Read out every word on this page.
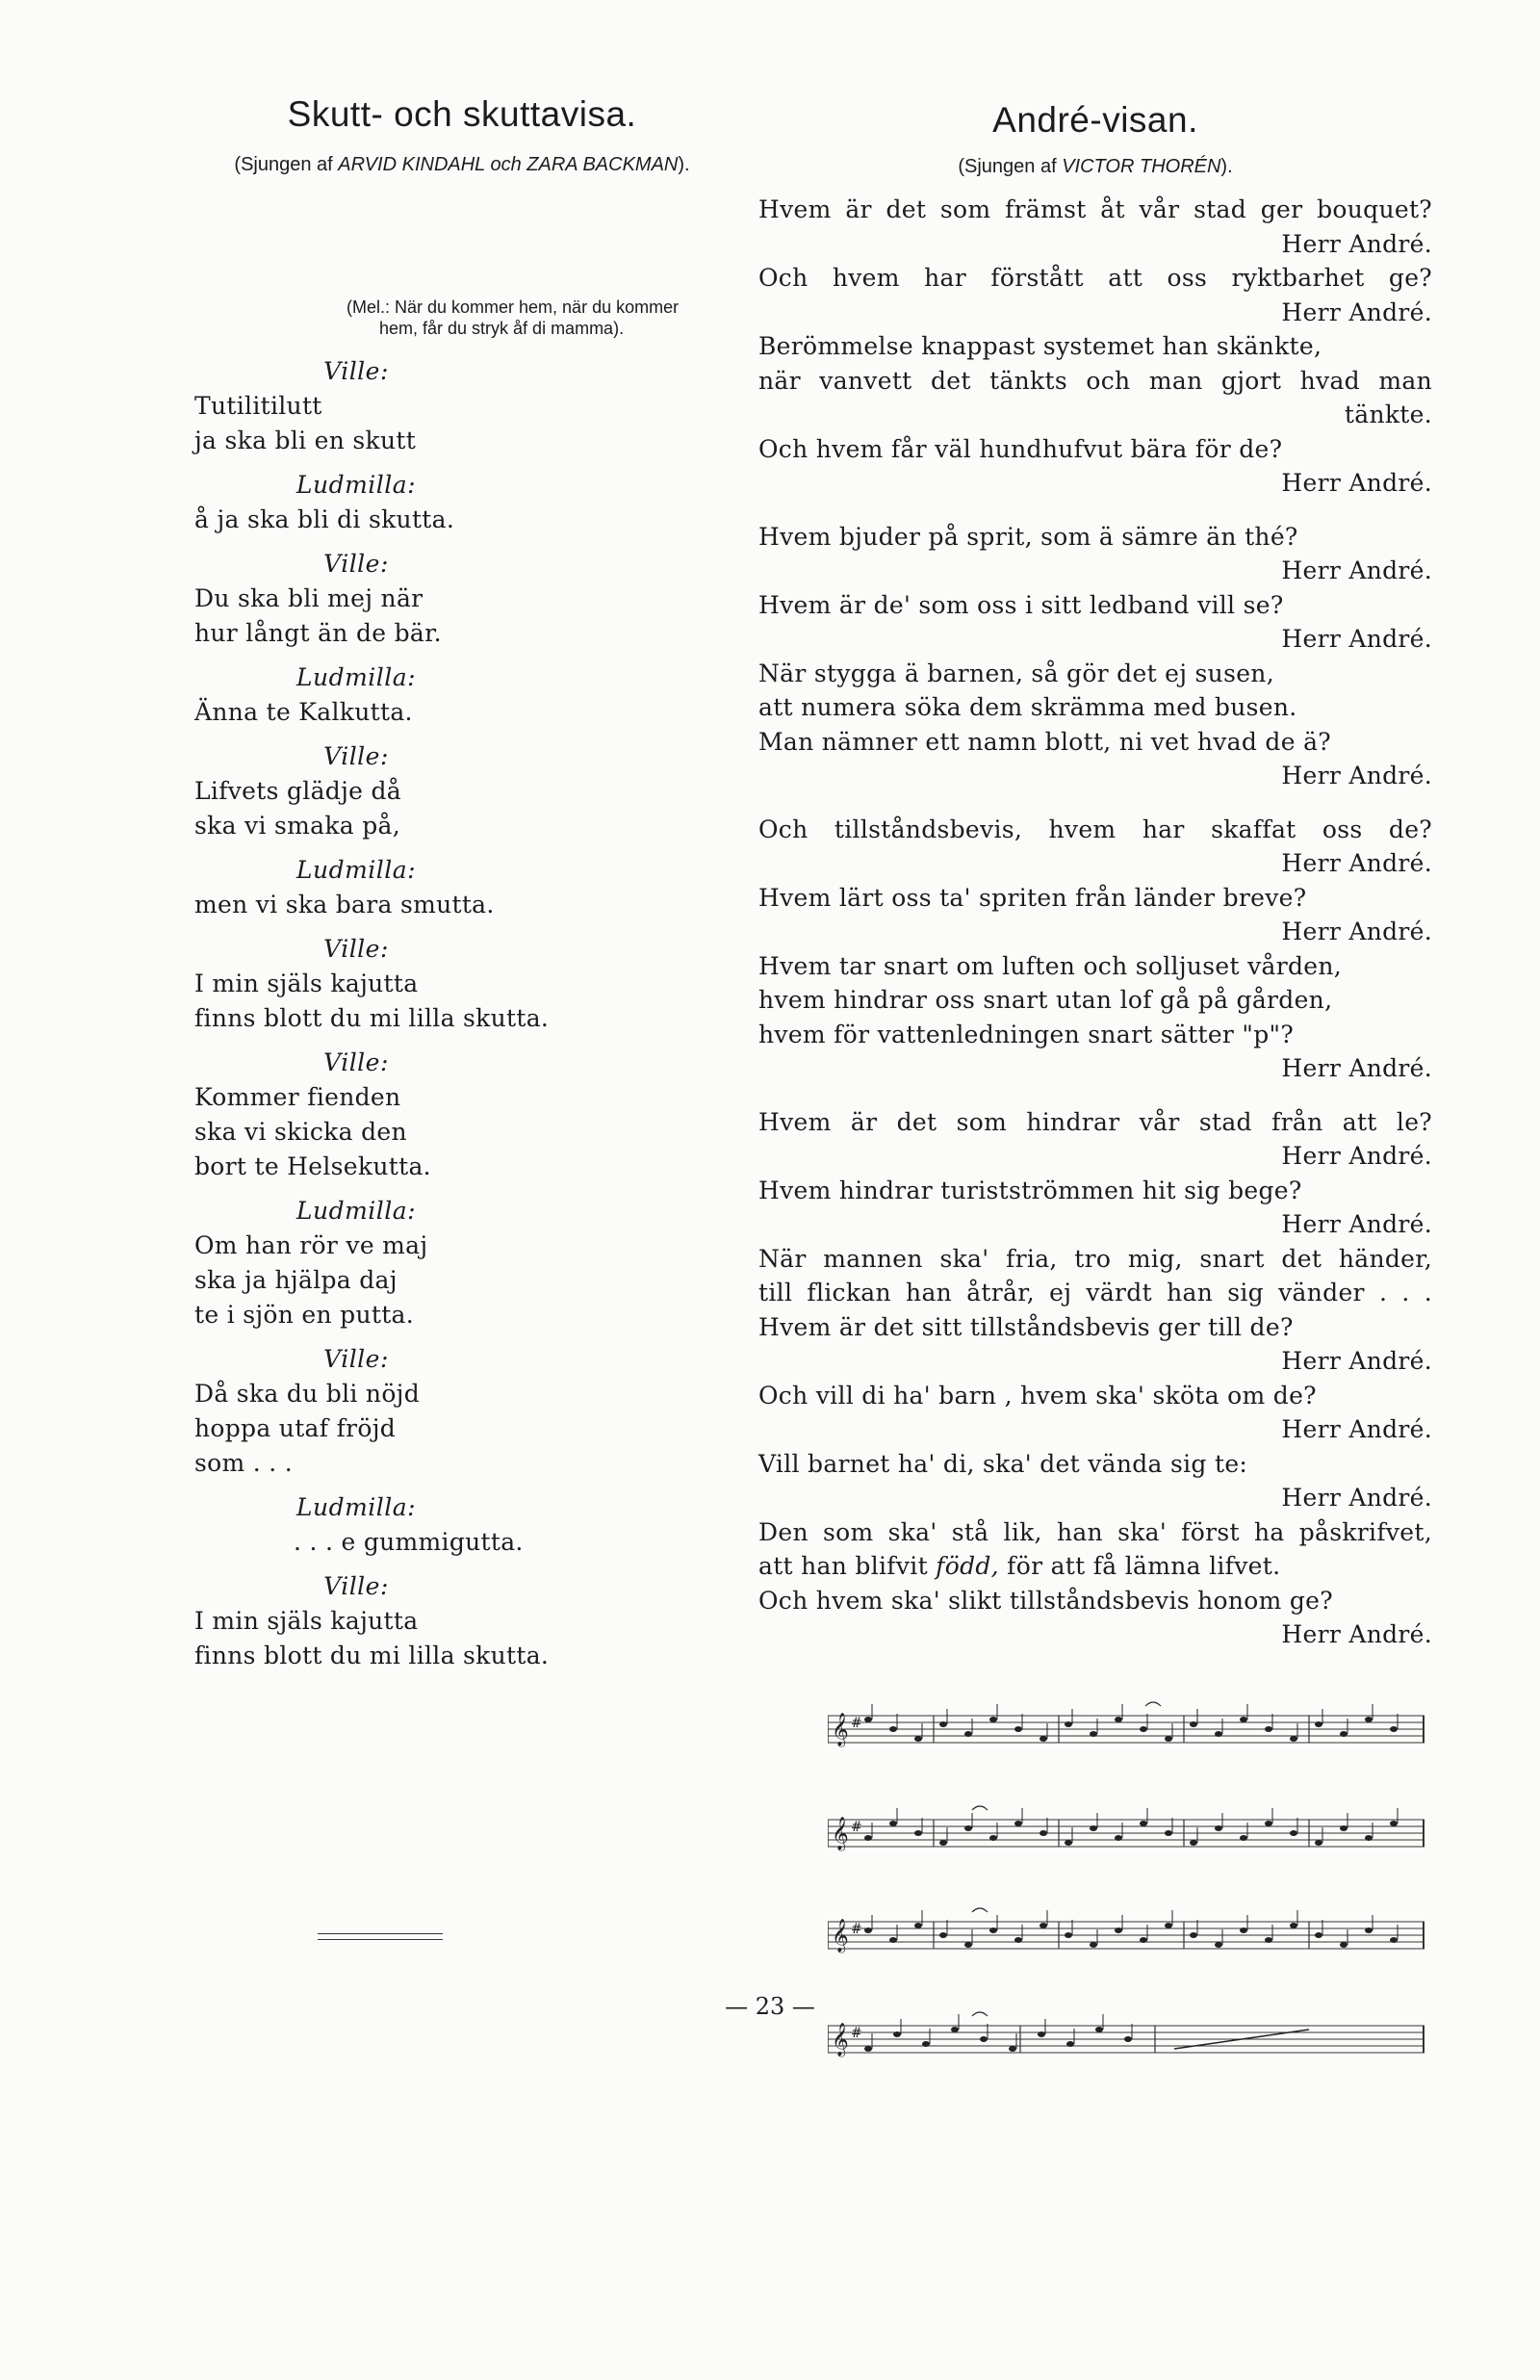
Skutt- och skuttavisa.

(Sjungen af ARVID KINDAHL och ZARA BACKMAN).

(Mel.: När du kommer hem, när du kommer
hem, får du stryk åf di mamma).

Ville:

Tutilitilutt
ja ska bli en skutt

Ludmilla:

å ja ska bli di skutta.

Ville:

Du ska bli mej när
hur långt än de bär.

Ludmilla:

Änna te Kalkutta.

Ville:

Lifvets glädje då
ska vi smaka på,

Ludmilla:

men vi ska bara smutta.

Ville:

I min själs kajutta
finns blott du mi lilla skutta.

Ville:

Kommer fienden
ska vi skicka den
bort te Helsekutta.

Ludmilla:

Om han rör ve maj
ska ja hjälpa daj
te i sjön en putta.

Ville:

Då ska du bli nöjd
hoppa utaf fröjd
som . . .

Ludmilla:

. . . e gummigutta.

Ville:

I min själs kajutta
finns blott du mi lilla skutta.

André-visan.

(Sjungen af VICTOR THORÉN).

Hvem är det som främst åt vår stad ger bouquet?
Herr André.
Och hvem har förstått att oss ryktbarhet ge?
Herr André.
Berömmelse knappast systemet han skänkte,
när vanvett det tänkts och man gjort hvad man
tänkte.
Och hvem får väl hundhufvut bära för de?
Herr André.
Hvem bjuder på sprit, som ä sämre än thé?
Herr André.
Hvem är de' som oss i sitt ledband vill se?
Herr André.
När stygga ä barnen, så gör det ej susen,
att numera söka dem skrämma med busen.
Man nämner ett namn blott, ni vet hvad de ä?
Herr André.
Och tillståndsbevis, hvem har skaffat oss de?
Herr André.
Hvem lärt oss ta' spriten från länder breve?
Herr André.
Hvem tar snart om luften och solljuset vården,
hvem hindrar oss snart utan lof gå på gården,
hvem för vattenledningen snart sätter "p"?
Herr André.
Hvem är det som hindrar vår stad från att le?
Herr André.
Hvem hindrar turistströmmen hit sig bege?
Herr André.
När mannen ska' fria, tro mig, snart det händer,
till flickan han åtrår, ej värdt han sig vänder . . .
Hvem är det sitt tillståndsbevis ger till de?
Herr André.
Och vill di ha' barn , hvem ska' sköta om de?
Herr André.
Vill barnet ha' di, ska' det vända sig te:
Herr André.
Den som ska' stå lik, han ska' först ha påskrifvet,
att han blifvit född, för att få lämna lifvet.
Och hvem ska' slikt tillståndsbevis honom ge?
Herr André.
𝄞 #
𝄞 #
𝄞 #
𝄞 #
— 23 —
